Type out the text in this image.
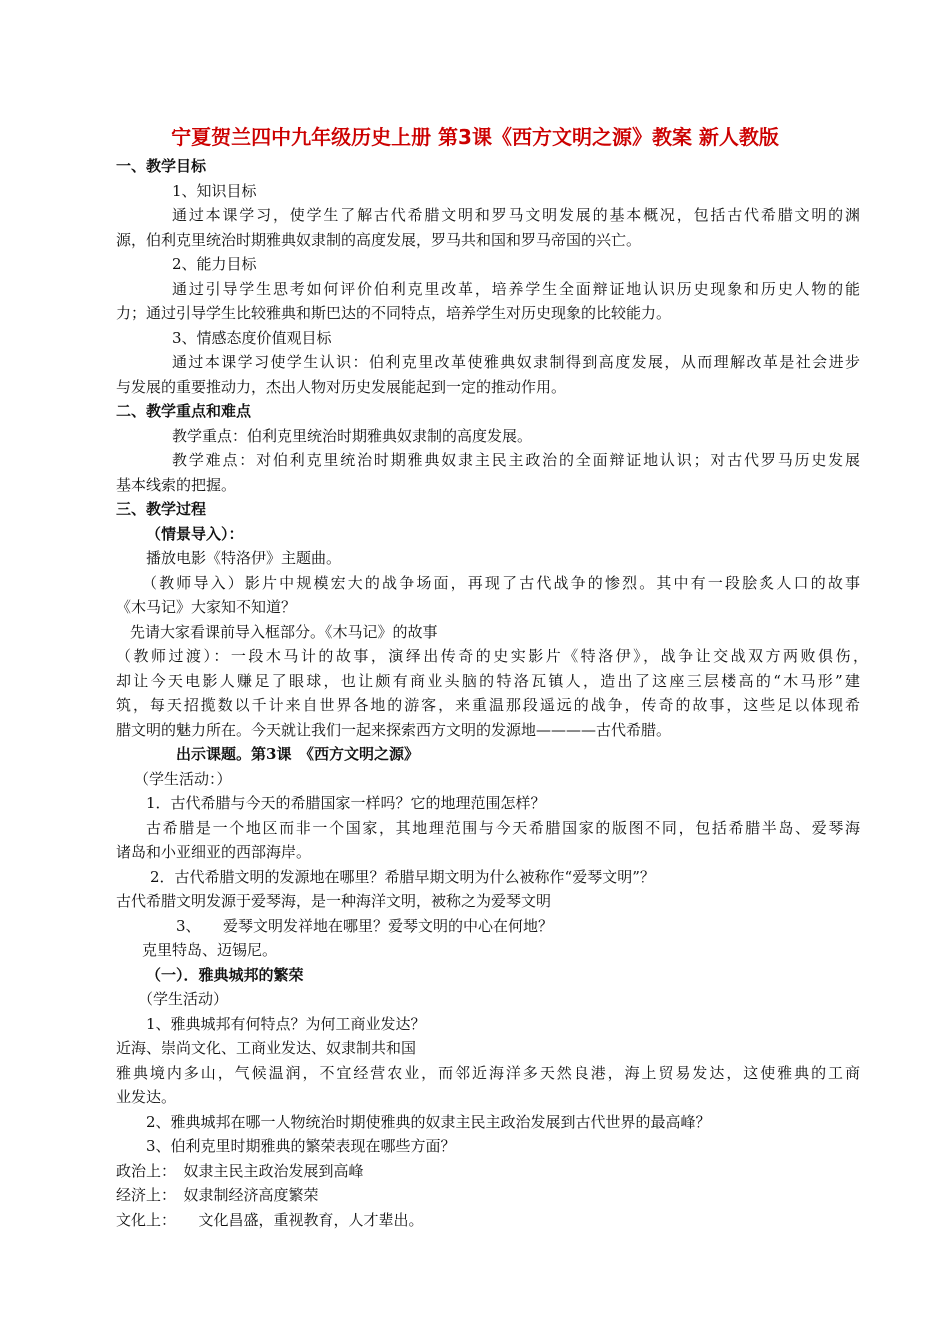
宁夏贺兰四中九年级历史上册 第3课《西方文明之源》教案 新人教版
一、教学目标
1、知识目标
通过本课学习，使学生了解古代希腊文明和罗马文明发展的基本概况，包括古代希腊文明的渊
源，伯利克里统治时期雅典奴隶制的高度发展，罗马共和国和罗马帝国的兴亡。
2、能力目标
通过引导学生思考如何评价伯利克里改革，培养学生全面辩证地认识历史现象和历史人物的能
力；通过引导学生比较雅典和斯巴达的不同特点，培养学生对历史现象的比较能力。
3、情感态度价值观目标
通过本课学习使学生认识：伯利克里改革使雅典奴隶制得到高度发展，从而理解改革是社会进步
与发展的重要推动力，杰出人物对历史发展能起到一定的推动作用。
二、教学重点和难点
教学重点：伯利克里统治时期雅典奴隶制的高度发展。
教学难点：对伯利克里统治时期雅典奴隶主民主政治的全面辩证地认识；对古代罗马历史发展
基本线索的把握。
三、教学过程
（情景导入）：
播放电影《特洛伊》主题曲。
（教师导入）影片中规模宏大的战争场面，再现了古代战争的惨烈。其中有一段脍炙人口的故事
《木马记》大家知不知道？
先请大家看课前导入框部分。《木马记》的故事
（教师过渡）：一段木马计的故事，演绎出传奇的史实影片《特洛伊》，战争让交战双方两败俱伤，
却让今天电影人赚足了眼球，也让颇有商业头脑的特洛瓦镇人，造出了这座三层楼高的“木马形”建
筑，每天招揽数以千计来自世界各地的游客，来重温那段遥远的战争，传奇的故事，这些足以体现希
腊文明的魅力所在。今天就让我们一起来探索西方文明的发源地————古代希腊。
出示课题。第3课　《西方文明之源》
（学生活动：）
1．古代希腊与今天的希腊国家一样吗？它的地理范围怎样？
古希腊是一个地区而非一个国家，其地理范围与今天希腊国家的版图不同，包括希腊半岛、爱琴海
诸岛和小亚细亚的西部海岸。
2．古代希腊文明的发源地在哪里？希腊早期文明为什么被称作“爱琴文明”？
古代希腊文明发源于爱琴海，是一种海洋文明，被称之为爱琴文明
3、　　爱琴文明发祥地在哪里？爱琴文明的中心在何地？
克里特岛、迈锡尼。
（一）．雅典城邦的繁荣
（学生活动）
1、雅典城邦有何特点？为何工商业发达？
近海、崇尚文化、工商业发达、奴隶制共和国
雅典境内多山，气候温润，不宜经营农业，而邻近海洋多天然良港，海上贸易发达，这使雅典的工商
业发达。
2、雅典城邦在哪一人物统治时期使雅典的奴隶主民主政治发展到古代世界的最高峰？
3、伯利克里时期雅典的繁荣表现在哪些方面？
政治上：　奴隶主民主政治发展到高峰
经济上：　奴隶制经济高度繁荣
文化上：　　文化昌盛，重视教育，人才辈出。
